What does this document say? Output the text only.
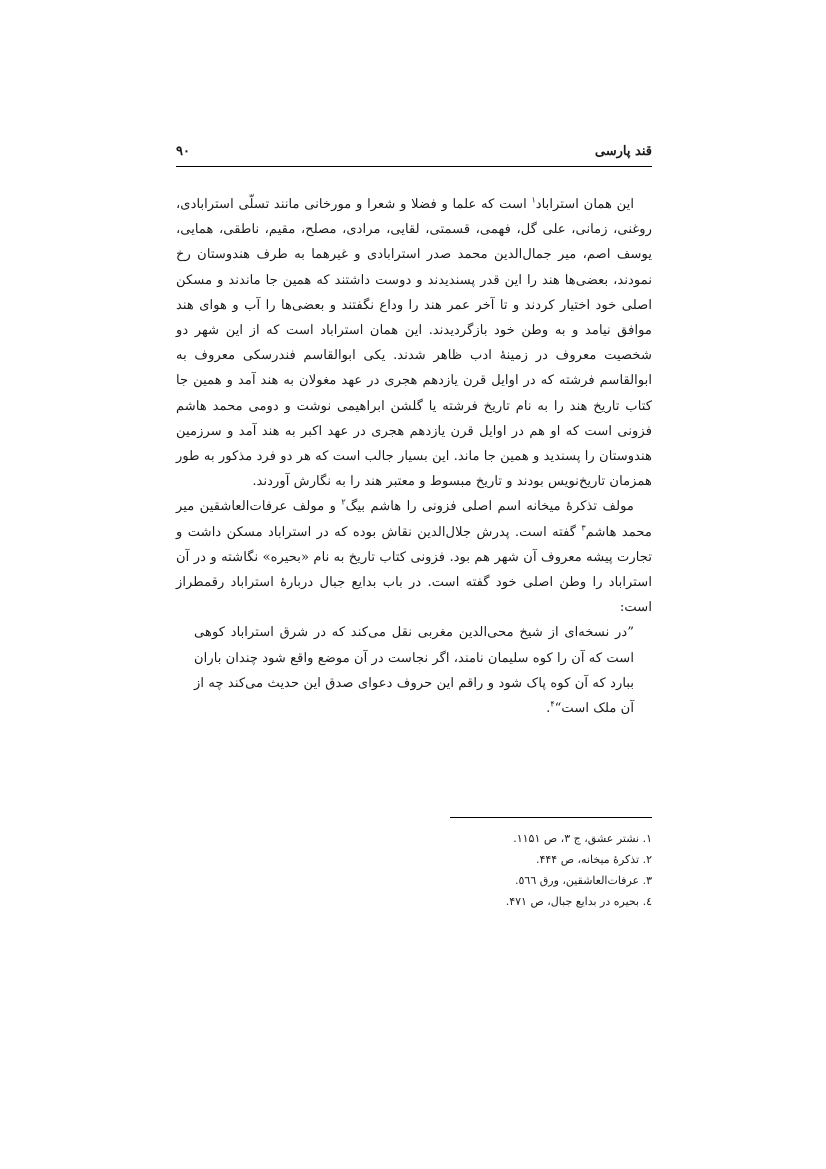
قند پارسی
۹۰

این همان استراباد$^۱$ است که علما و فضلا و شعرا و مورخانی مانند تسلّی استرابادی، روغنی، زمانی، علی گل، فهمی، قسمتی، لقایی، مرادی، مصلح، مقیم، ناطقی، همایی، یوسف اصم، میر جمال‌الدین محمد صدر استرابادی و غیرهما به طرف هندوستان رخ نمودند، بعضی‌ها هند را این قدر پسندیدند و دوست داشتند که همین جا ماندند و مسکن اصلی خود اختیار کردند و تا آخر عمر هند را وداع نگفتند و بعضی‌ها را آب و هوای هند موافق نیامد و به وطن خود بازگردیدند. این همان استراباد است که از این شهر دو شخصیت معروف در زمینهٔ ادب ظاهر شدند. یکی ابوالقاسم فندرسکی معروف به ابوالقاسم فرشته که در اوایل قرن یازدهم هجری در عهد مغولان به هند آمد و همین جا کتاب تاریخ هند را به نام تاریخ فرشته یا گلشن ابراهیمی نوشت و دومی محمد هاشم فزونی است که او هم در اوایل قرن یازدهم هجری در عهد اکبر به هند آمد و سرزمین هندوستان را پسندید و همین جا ماند. این بسیار جالب است که هر دو فرد مذکور به طور همزمان تاریخ‌نویس بودند و تاریخ مبسوط و معتبر هند را به نگارش آوردند.

مولف تذکرهٔ میخانه اسم اصلی فزونی را هاشم بیگ$^۲$ و مولف عرفات‌العاشقین میر محمد هاشم$^۳$ گفته است. پدرش جلال‌الدین نقاش بوده که در استراباد مسکن داشت و تجارت پیشه معروف آن شهر هم بود. فزونی کتاب تاریخ به نام «بحیره» نگاشته و در آن استراباد را وطن اصلی خود گفته است. در باب بدایع جبال دربارهٔ استراباد رقمطراز است:

”در نسخه‌ای از شیخ محی‌الدین مغربی نقل می‌کند که در شرق استراباد کوهی است که آن را کوه سلیمان نامند، اگر نجاست در آن موضع واقع شود چندان باران ببارد که آن کوه پاک شود و راقم این حروف دعوای صدق این حدیث می‌کند چه از آن ملک است“$^۴$.

۱. نشتر عشق، ج ۳، ص ۱۱۵۱.

۲. تذکرهٔ میخانه، ص ۴۴۴.

۳. عرفات‌العاشقین، ورق ٥٦٦.

٤. بحیره در بدایع جبال، ص ۴۷۱.
